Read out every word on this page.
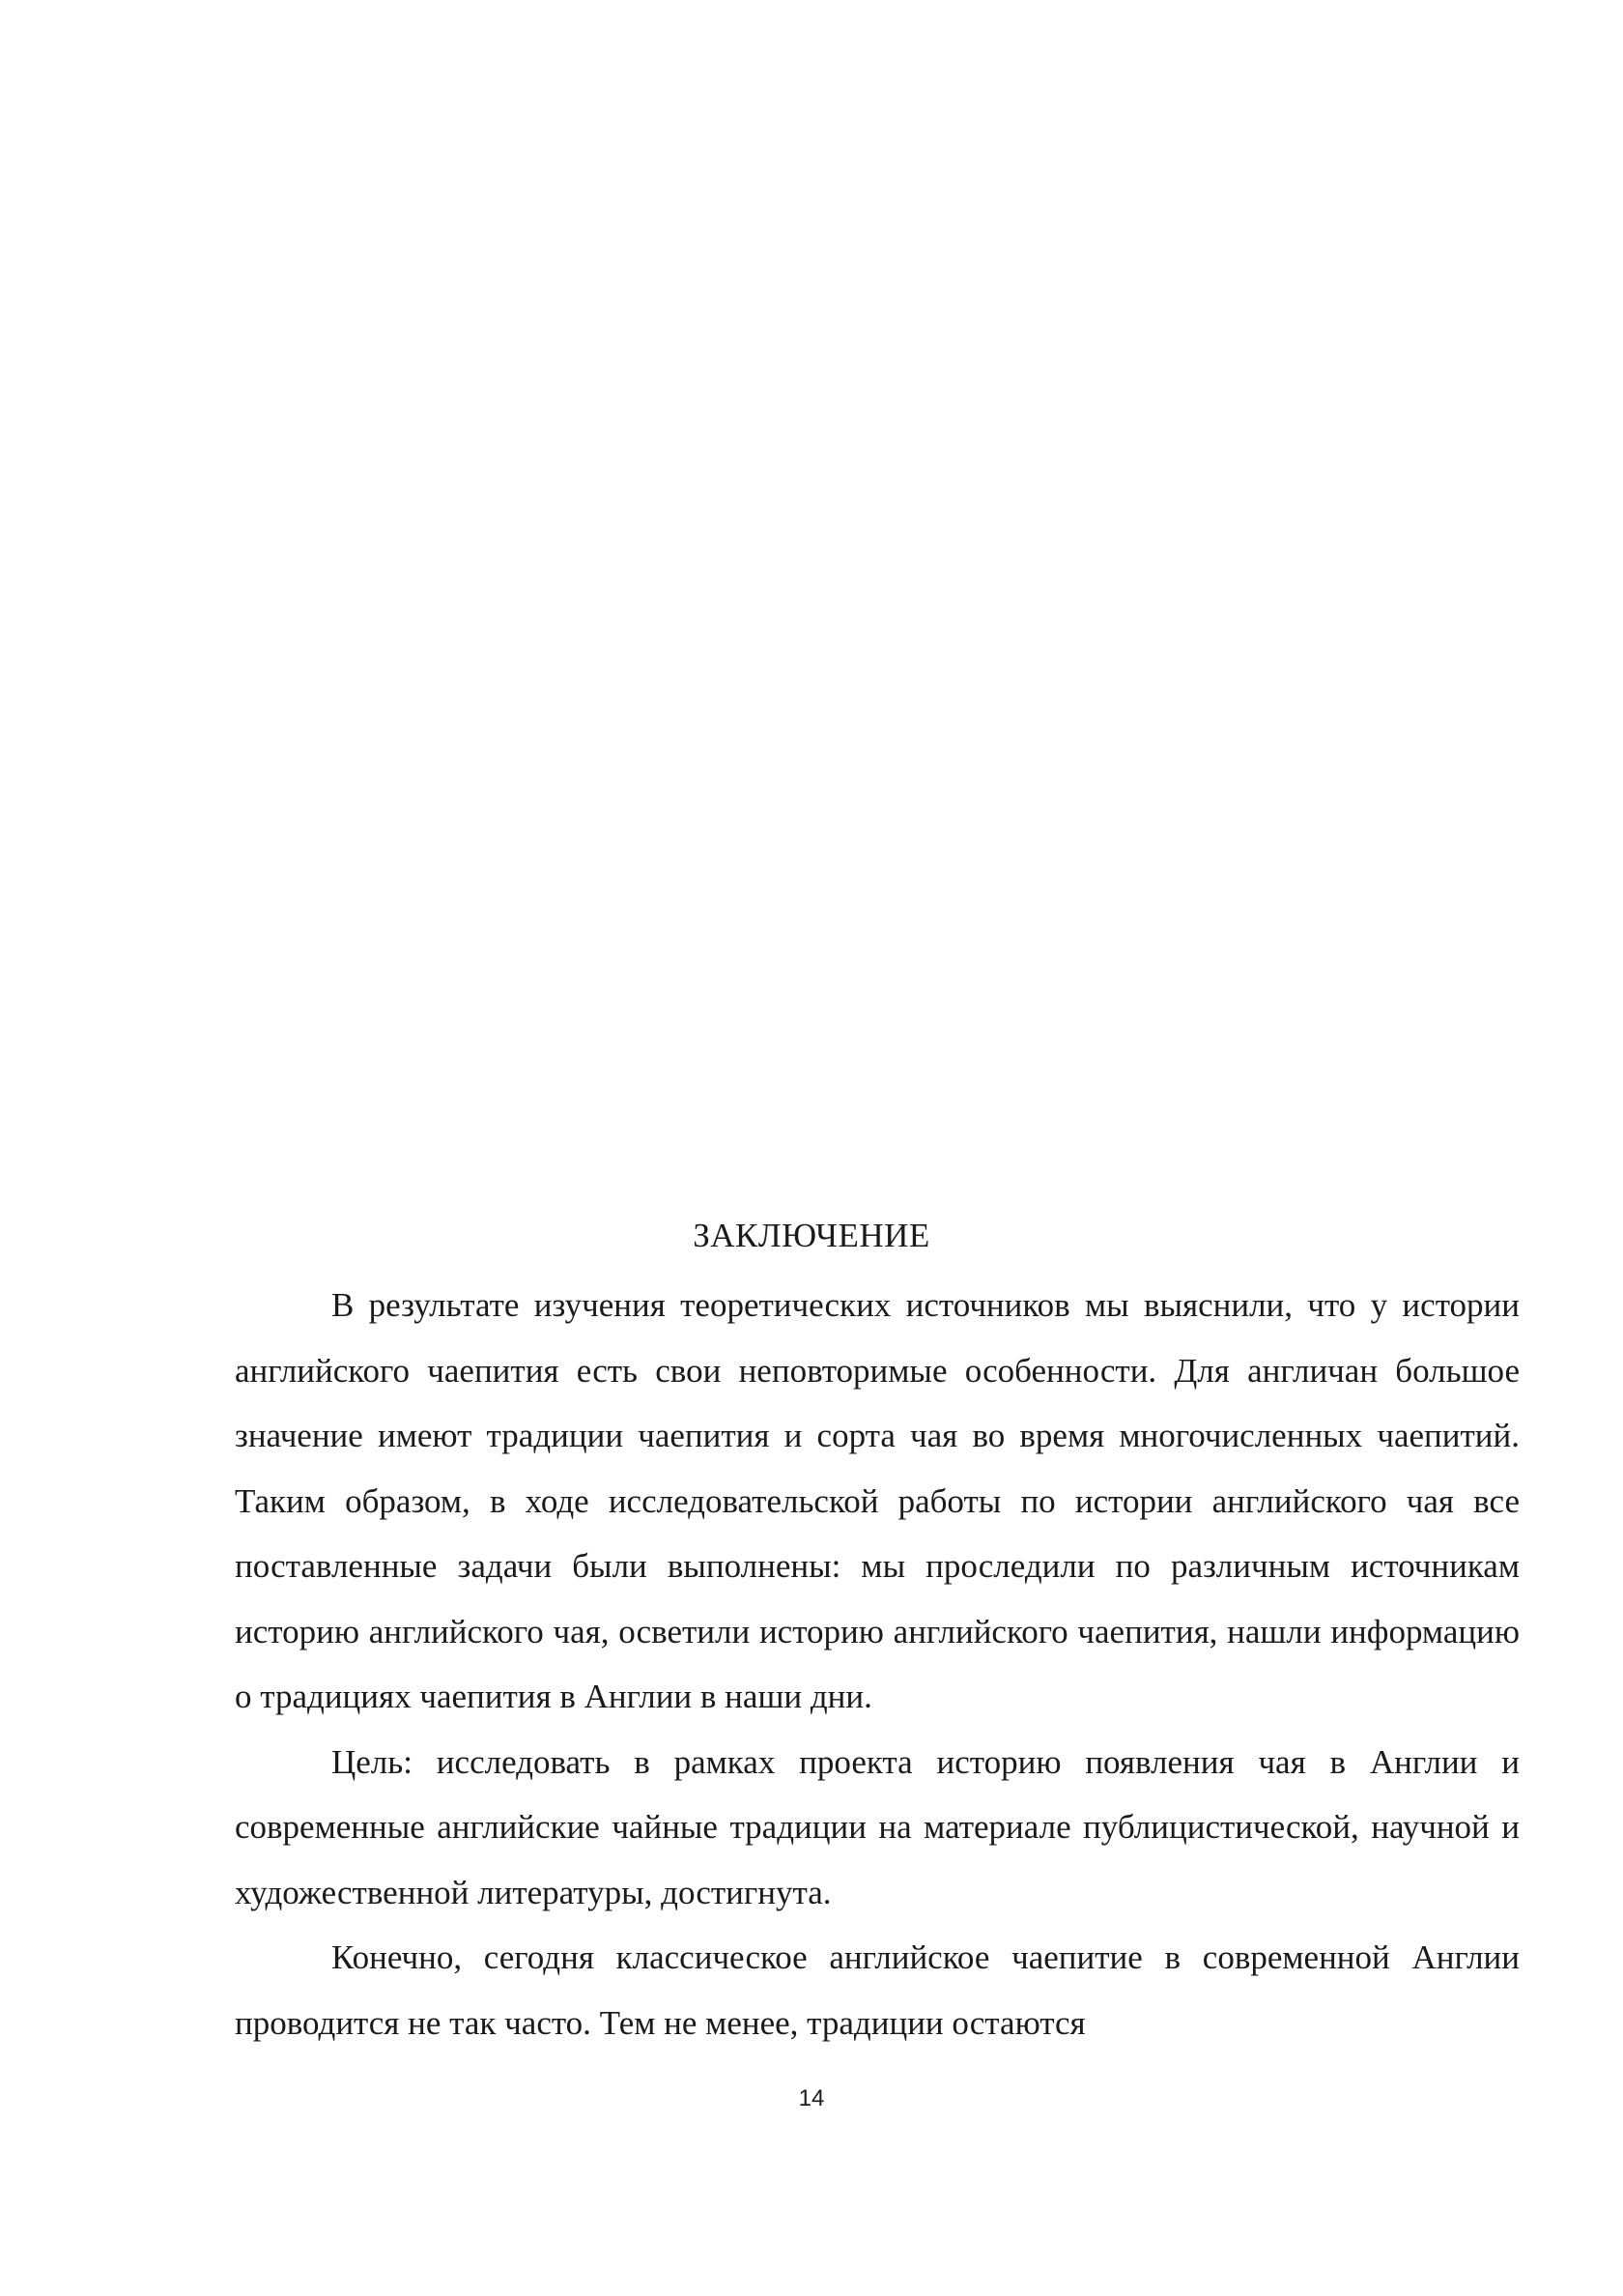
ЗАКЛЮЧЕНИЕ

В результате изучения теоретических источников мы выяснили, что у истории английского чаепития есть свои неповторимые особенности. Для англичан большое значение имеют традиции чаепития и сорта чая во время многочисленных чаепитий. Таким образом, в ходе исследовательской работы по истории английского чая все поставленные задачи были выполнены: мы проследили по различным источникам историю английского чая, осветили историю английского чаепития, нашли информацию о традициях чаепития в Англии в наши дни.

Цель: исследовать в рамках проекта историю появления чая в Англии и современные английские чайные традиции на материале публицистической, научной и художественной литературы, достигнута.

Конечно, сегодня классическое английское чаепитие в современной Англии проводится не так часто. Тем не менее, традиции остаются

14
